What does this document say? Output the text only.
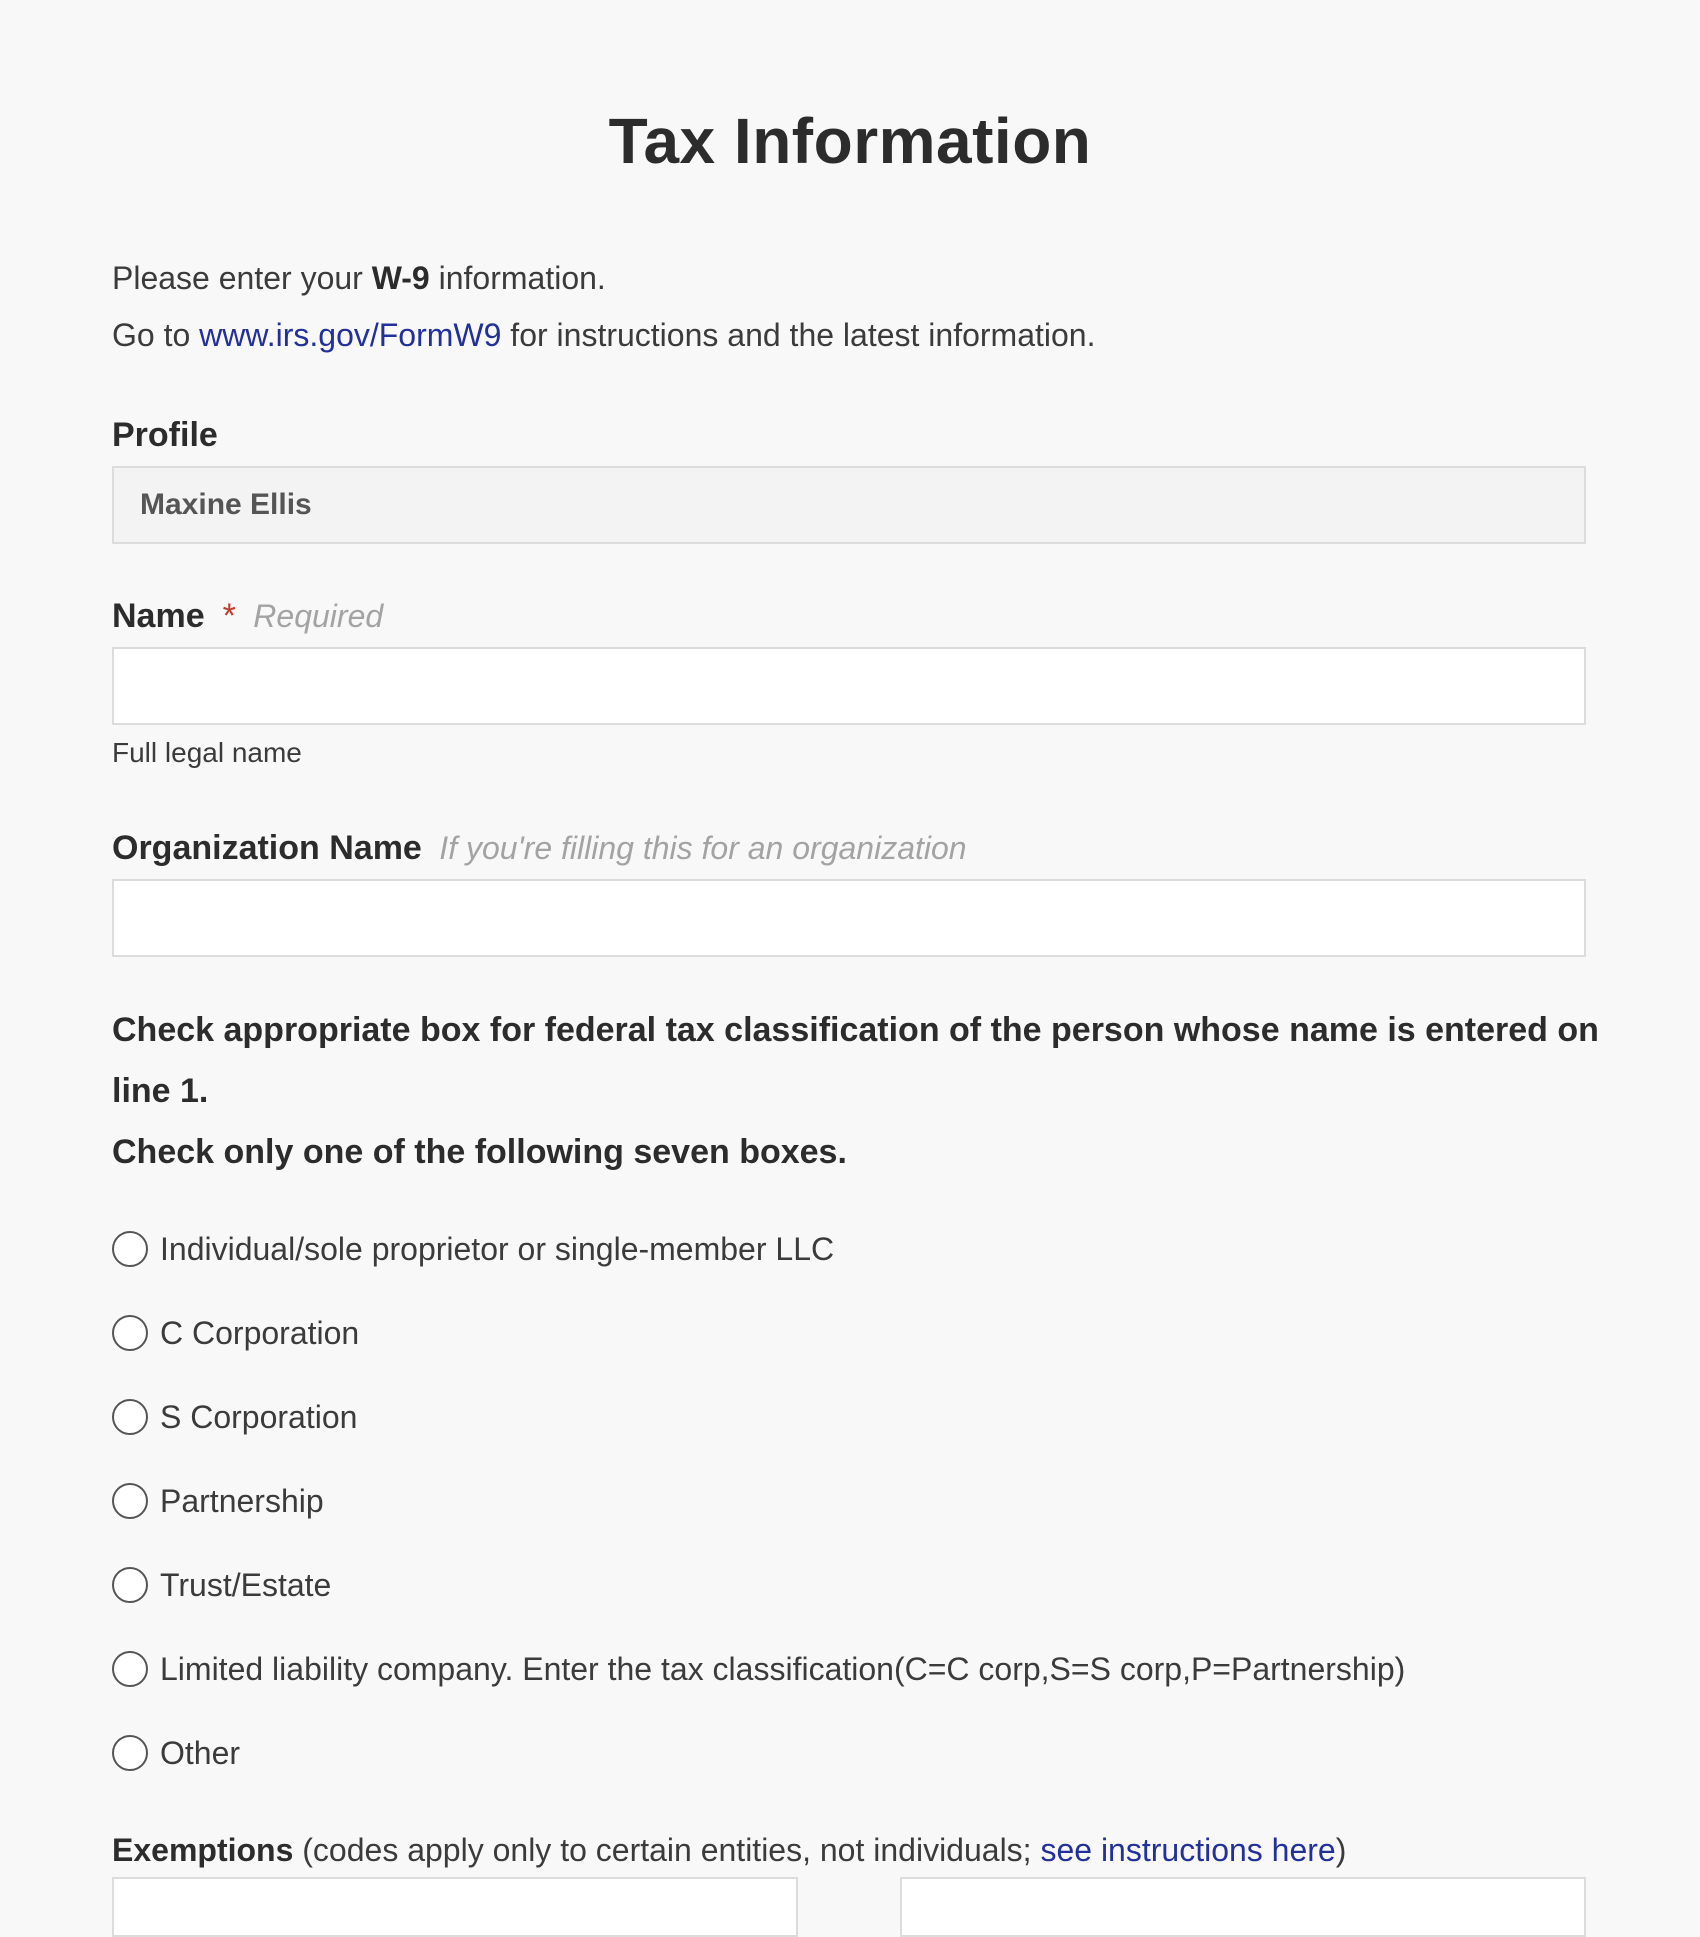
Tax Information
Please enter your W-9 information.
Go to www.irs.gov/FormW9 for instructions and the latest information.
Profile
Maxine Ellis
Name * Required
Full legal name
Organization Name If you're filling this for an organization
Check appropriate box for federal tax classification of the person whose name is entered on line 1.
Check only one of the following seven boxes.
Individual/sole proprietor or single-member LLC
C Corporation
S Corporation
Partnership
Trust/Estate
Limited liability company. Enter the tax classification(C=C corp,S=S corp,P=Partnership)
Other
Exemptions (codes apply only to certain entities, not individuals; see instructions here)
